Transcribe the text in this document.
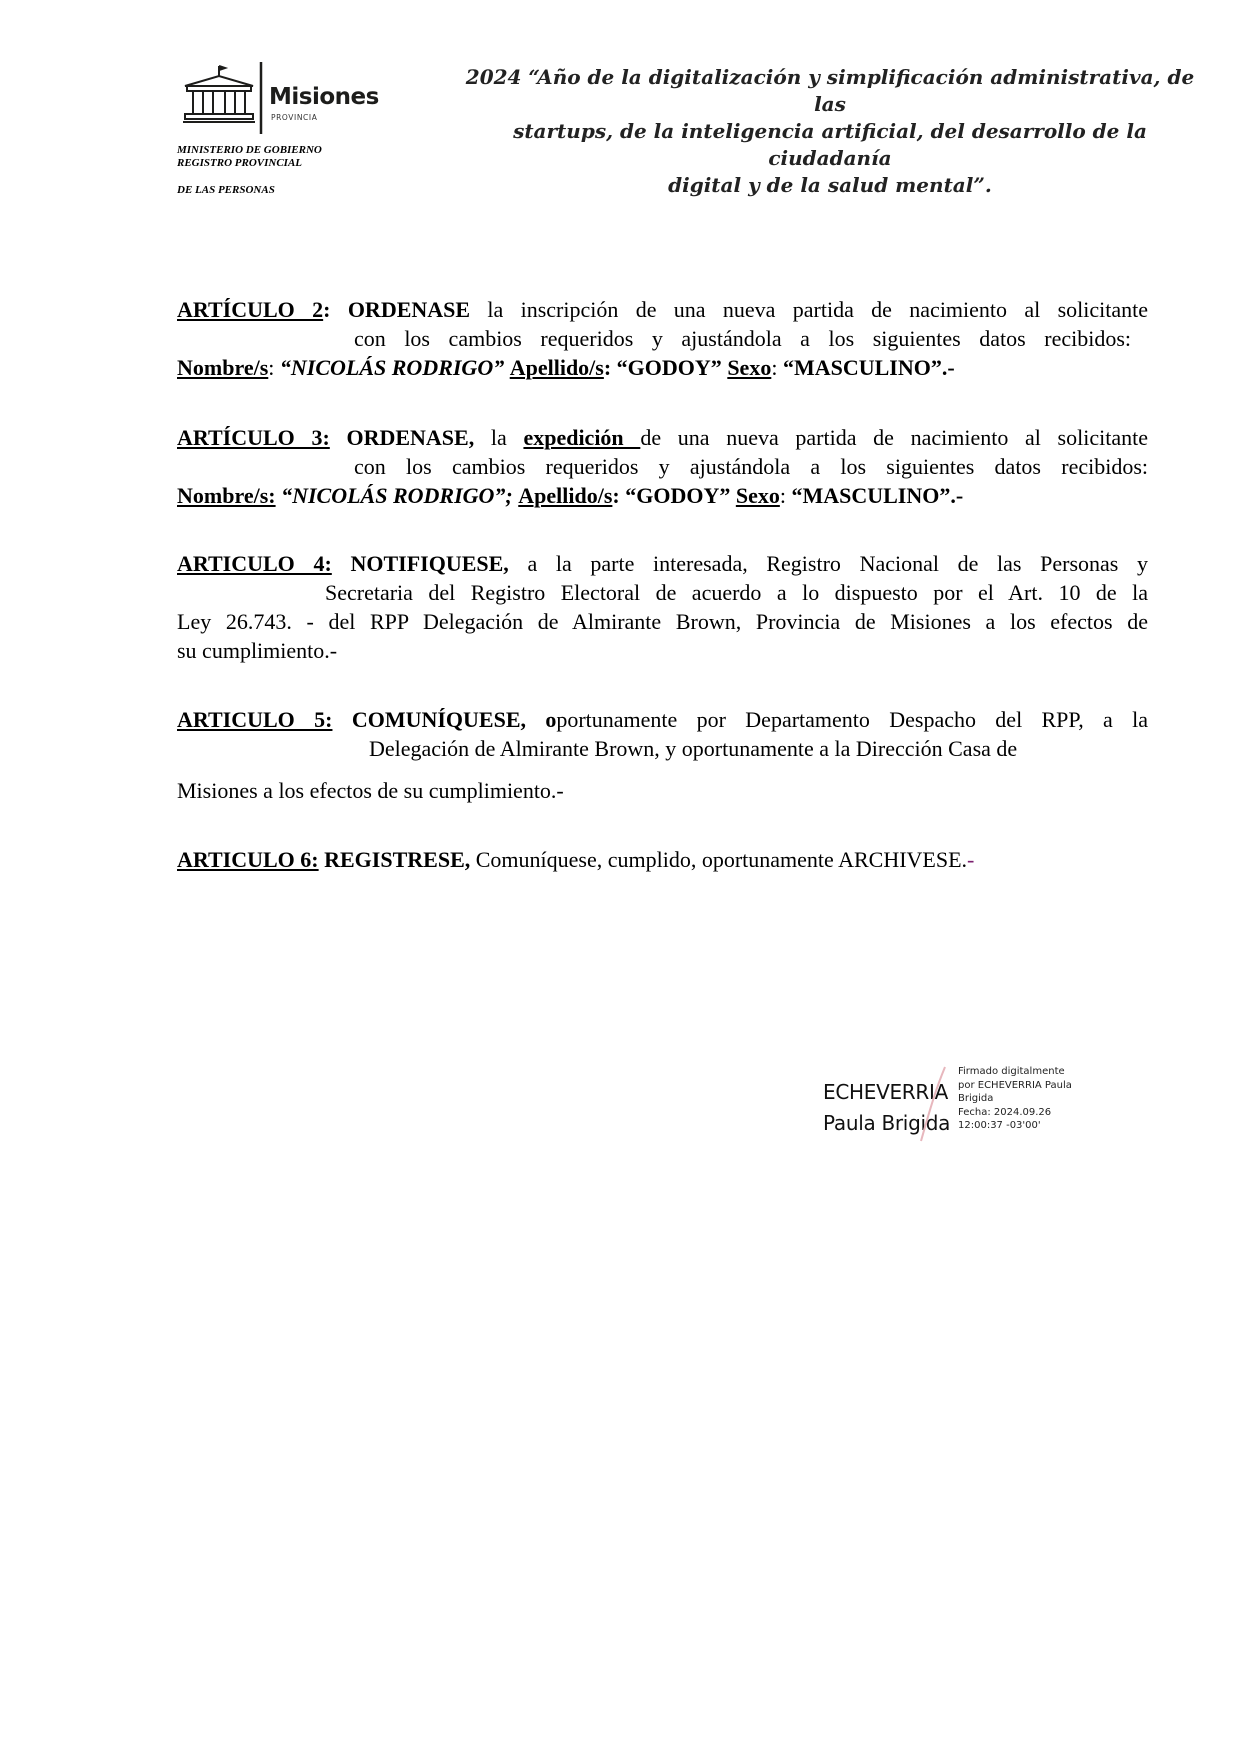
Misiones
PROVINCIA
MINISTERIO DE GOBIERNO
REGISTRO PROVINCIAL
DE LAS PERSONAS
2024 “Año de la digitalización y simplificación administrativa, de las
startups, de la inteligencia artificial, del desarrollo de la ciudadanía
digital y de la salud mental”.
ARTÍCULO 2: ORDENASE la inscripción de una nueva partida de nacimiento al solicitante
con los cambios requeridos y ajustándola a los siguientes datos recibidos:
Nombre/s: “NICOLÁS RODRIGO” Apellido/s: “GODOY” Sexo: “MASCULINO”.-
ARTÍCULO 3: ORDENASE, la expedición de una nueva partida de nacimiento al solicitante
con los cambios requeridos y ajustándola a los siguientes datos recibidos:
Nombre/s: “NICOLÁS RODRIGO”; Apellido/s: “GODOY” Sexo: “MASCULINO”.-
ARTICULO 4: NOTIFIQUESE, a la parte interesada, Registro Nacional de las Personas y
Secretaria del Registro Electoral de acuerdo a lo dispuesto por el Art. 10 de la
Ley 26.743. - del RPP Delegación de Almirante Brown, Provincia de Misiones a los efectos de
su cumplimiento.-
ARTICULO 5: COMUNÍQUESE, oportunamente por Departamento Despacho del RPP, a la
Delegación de Almirante Brown, y oportunamente a la Dirección Casa de
Misiones a los efectos de su cumplimiento.-
ARTICULO 6: REGISTRESE, Comuníquese, cumplido, oportunamente ARCHIVESE.-
ECHEVERRIA
Paula Brigida
Firmado digitalmente
por ECHEVERRIA Paula
Brigida
Fecha: 2024.09.26
12:00:37 -03'00'
